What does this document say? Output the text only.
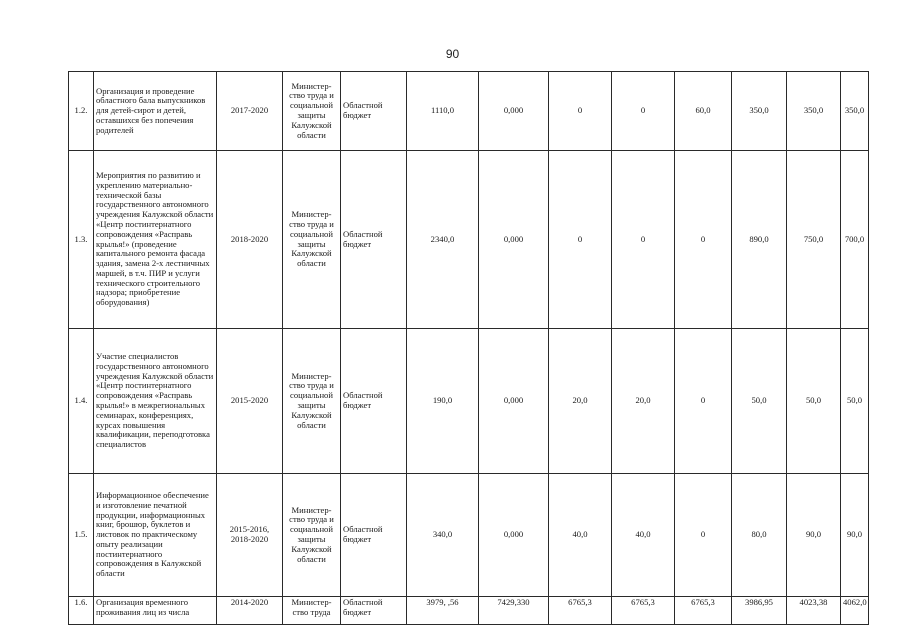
90
1.2.	Организация и проведение областного бала выпускников для детей-сирот и детей, оставшихся без попечения родителей	2017-2020	Министер-ство труда и социальной защиты Калужской области	Областной бюджет	1110,0	0,000	0	0	60,0	350,0	350,0	350,0
1.3.	Мероприятия по развитию и укреплению материально-технической базы государственного автономного учреждения Калужской области «Центр постинтернатного сопровождения «Расправь крылья!» (проведение капитального ремонта фасада здания, замена 2-х лестничных маршей, в т.ч. ПИР и услуги технического строительного надзора; приобретение оборудования)	2018-2020	Министер-ство труда и социальной защиты Калужской области	Областной бюджет	2340,0	0,000	0	0	0	890,0	750,0	700,0
1.4.	Участие специалистов государственного автономного учреждения Калужской области «Центр постинтернатного сопровождения «Расправь крылья!» в межрегиональных семинарах, конференциях, курсах повышения квалификации, переподготовка специалистов	2015-2020	Министер-ство труда и социальной защиты Калужской области	Областной бюджет	190,0	0,000	20,0	20,0	0	50,0	50,0	50,0
1.5.	Информационное обеспечение и изготовление печатной продукции, информационных книг, брошюр, буклетов и листовок по практическому опыту реализации постинтернатного сопровождения в Калужской области	2015-2016, 2018-2020	Министер-ство труда и социальной защиты Калужской области	Областной бюджет	340,0	0,000	40,0	40,0	0	80,0	90,0	90,0
1.6.	Организация временного проживания лиц из числа	2014-2020	Министер-ство труда	Областной бюджет	3979, ,56	7429,330	6765,3	6765,3	6765,3	3986,95	4023,38	4062,0
